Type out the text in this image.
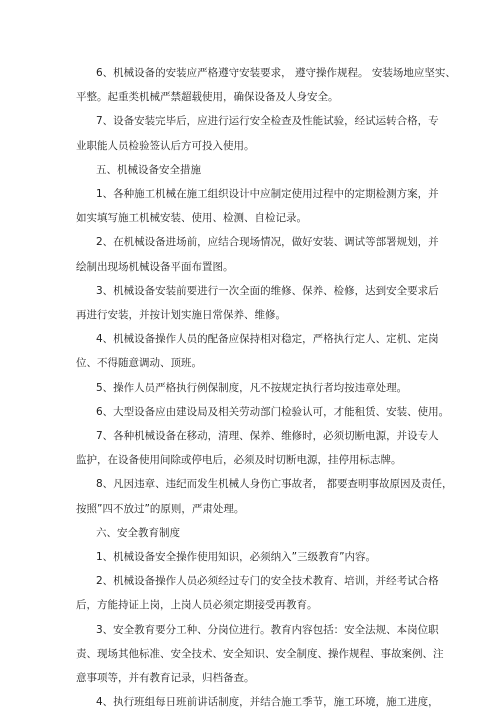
6、机械设备的安装应严格遵守安装要求， 遵守操作规程。 安装场地应坚实、
平整。起重类机械严禁超载使用，确保设备及人身安全。
7、设备安装完毕后，应进行运行安全检查及性能试验，经试运转合格，专
业职能人员检验签认后方可投入使用。
五、机械设备安全措施
1、各种施工机械在施工组织设计中应制定使用过程中的定期检测方案，并
如实填写施工机械安装、使用、检测、自检记录。
2、在机械设备进场前，应结合现场情况，做好安装、调试等部署规划，并
绘制出现场机械设备平面布置图。
3、机械设备安装前要进行一次全面的维修、保养、检修，达到安全要求后
再进行安装，并按计划实施日常保养、维修。
4、机械设备操作人员的配备应保持相对稳定，严格执行定人、定机、定岗
位、不得随意调动、顶班。
5、操作人员严格执行例保制度，凡不按规定执行者均按违章处理。
6、大型设备应由建设局及相关劳动部门检验认可，才能租赁、安装、使用。
7、各种机械设备在移动，清理、保养、维修时，必须切断电源，并设专人
监护，在设备使用间除或停电后，必须及时切断电源，挂停用标志牌。
8、凡因违章、违纪而发生机械人身伤亡事故者， 都要查明事故原因及责任，
按照”四不放过”的原则，严肃处理。
六、安全教育制度
1、机械设备安全操作使用知识，必须纳入”三级教育”内容。
2、机械设备操作人员必须经过专门的安全技术教育、培训，并经考试合格
后，方能持证上岗，上岗人员必须定期接受再教育。
3、安全教育要分工种、分岗位进行。教育内容包括：安全法规、本岗位职
责、现场其他标准、安全技术、安全知识、安全制度、操作规程、事故案例、注
意事项等，并有教育记录，归档备查。
4、执行班组每日班前讲话制度，并结合施工季节，施工环境，施工进度，
